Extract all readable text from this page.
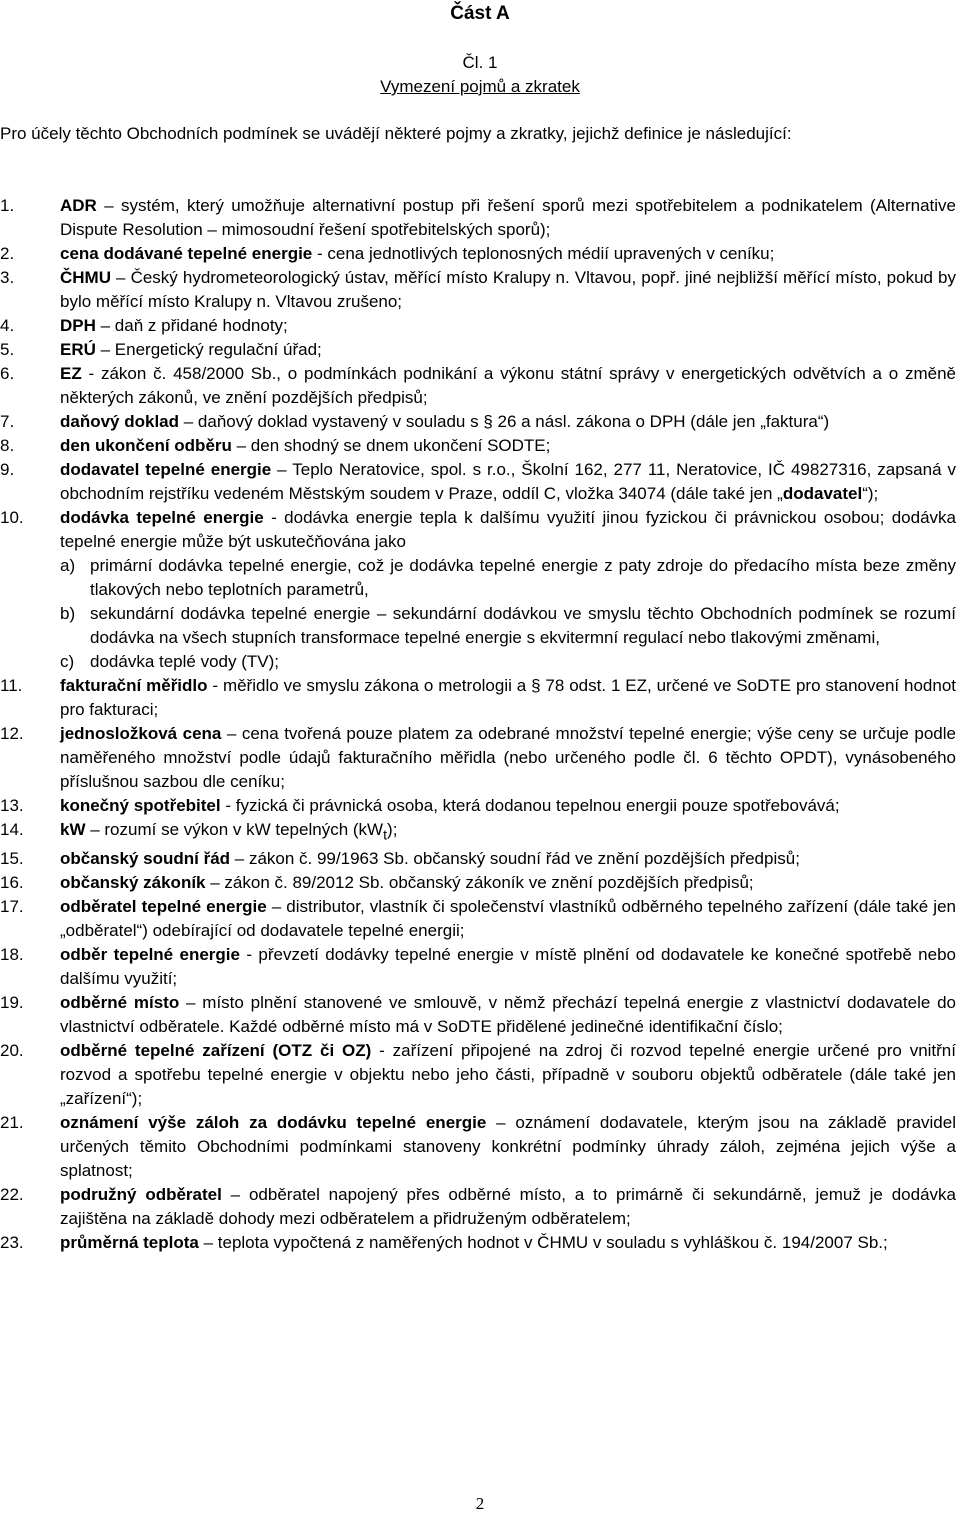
Část A
Čl. 1
Vymezení pojmů a zkratek
Pro účely těchto Obchodních podmínek se uvádějí některé pojmy a zkratky, jejichž definice je následující:
1.	ADR – systém, který umožňuje alternativní postup při řešení sporů mezi spotřebitelem a podnikatelem (Alternative Dispute Resolution – mimosoudní řešení spotřebitelských sporů);
2.	cena dodávané tepelné energie - cena jednotlivých teplonosných médií upravených v ceníku;
3.	ČHMU – Český hydrometeorologický ústav, měřící místo Kralupy n. Vltavou, popř. jiné nejbližší měřící místo, pokud by bylo měřící místo Kralupy n. Vltavou zrušeno;
4.	DPH – daň z přidané hodnoty;
5.	ERÚ – Energetický regulační úřad;
6.	EZ - zákon č. 458/2000 Sb., o podmínkách podnikání a výkonu státní správy v energetických odvětvích a o změně některých zákonů, ve znění pozdějších předpisů;
7.	daňový doklad – daňový doklad vystavený v souladu s § 26 a násl. zákona o DPH (dále jen „faktura“)
8.	den ukončení odběru – den shodný se dnem ukončení SODTE;
9.	dodavatel tepelné energie – Teplo Neratovice, spol. s r.o., Školní 162, 277 11, Neratovice, IČ 49827316, zapsaná v obchodním rejstříku vedeném Městským soudem v Praze, oddíl C, vložka 34074 (dále také jen „dodavatel“);
10. dodávka tepelné energie - dodávka energie tepla k dalšímu využití jinou fyzickou či právnickou osobou; dodávka tepelné energie může být uskutečňována jako
a) primární dodávka tepelné energie, což je dodávka tepelné energie z paty zdroje do předacího místa beze změny tlakových nebo teplotních parametrů,
b) sekundární dodávka tepelné energie – sekundární dodávkou ve smyslu těchto Obchodních podmínek se rozumí dodávka na všech stupních transformace tepelné energie s ekvitermní regulací nebo tlakovými změnami,
c) dodávka teplé vody (TV);
11. fakturační měřidlo - měřidlo ve smyslu zákona o metrologii a § 78 odst. 1 EZ, určené ve SoDTE pro stanovení hodnot pro fakturaci;
12. jednosložková cena – cena tvořená pouze platem za odebrané množství tepelné energie; výše ceny se určuje podle naměřeného množství podle údajů fakturačního měřidla (nebo určeného podle čl. 6 těchto OPDT), vynásobeného příslušnou sazbou dle ceníku;
13. konečný spotřebitel - fyzická či právnická osoba, která dodanou tepelnou energii pouze spotřebovává;
14. kW – rozumí se výkon v kW tepelných $(kW_t)$;
15. občanský soudní řád – zákon č. 99/1963 Sb. občanský soudní řád ve znění pozdějších předpisů;
16. občanský zákoník – zákon č. 89/2012 Sb. občanský zákoník ve znění pozdějších předpisů;
17. odběratel tepelné energie – distributor, vlastník či společenství vlastníků odběrného tepelného zařízení (dále také jen „odběratel“) odebírající od dodavatele tepelné energii;
18. odběr tepelné energie - převzetí dodávky tepelné energie v místě plnění od dodavatele ke konečné spotřebě nebo dalšímu využití;
19. odběrné místo – místo plnění stanovené ve smlouvě, v němž přechází tepelná energie z vlastnictví dodavatele do vlastnictví odběratele. Každé odběrné místo má v SoDTE přidělené jedinečné identifikační číslo;
20. odběrné tepelné zařízení (OTZ či OZ) - zařízení připojené na zdroj či rozvod tepelné energie určené pro vnitřní rozvod a spotřebu tepelné energie v objektu nebo jeho části, případně v souboru objektů odběratele (dále také jen „zařízení“);
21. oznámení výše záloh za dodávku tepelné energie – oznámení dodavatele, kterým jsou na základě pravidel určených těmito Obchodními podmínkami stanoveny konkrétní podmínky úhrady záloh, zejména jejich výše a splatnost;
22. podružný odběratel – odběratel napojený přes odběrné místo, a to primárně či sekundárně, jemuž je dodávka zajištěna na základě dohody mezi odběratelem a přidruženým odběratelem;
23. průměrná teplota – teplota vypočtená z naměřených hodnot v ČHMU v souladu s vyhláškou č. 194/2007 Sb.;
2
